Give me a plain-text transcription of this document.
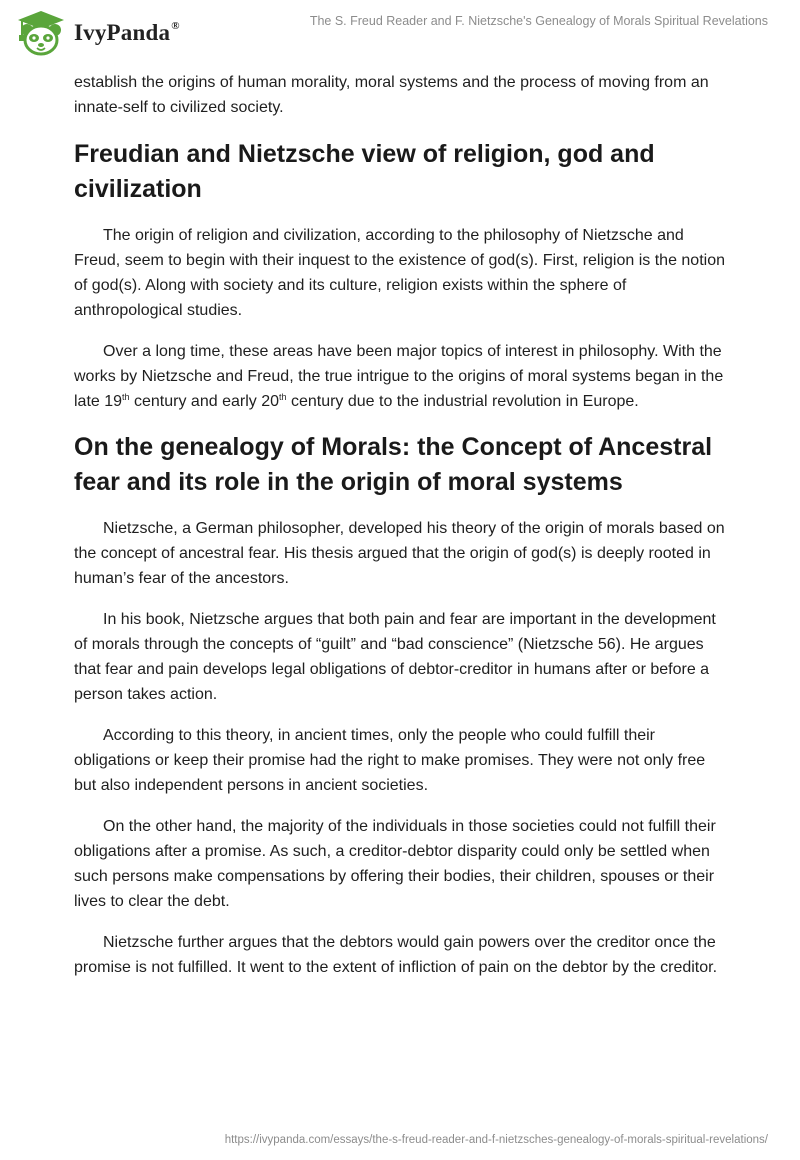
IvyPanda®	The S. Freud Reader and F. Nietzsche's Genealogy of Morals Spiritual Revelations

establish the origins of human morality, moral systems and the process of moving from an innate-self to civilized society.

Freudian and Nietzsche view of religion, god and civilization

The origin of religion and civilization, according to the philosophy of Nietzsche and Freud, seem to begin with their inquest to the existence of god(s). First, religion is the notion of god(s). Along with society and its culture, religion exists within the sphere of anthropological studies.

Over a long time, these areas have been major topics of interest in philosophy. With the works by Nietzsche and Freud, the true intrigue to the origins of moral systems began in the late 19th century and early 20th century due to the industrial revolution in Europe.

On the genealogy of Morals: the Concept of Ancestral fear and its role in the origin of moral systems

Nietzsche, a German philosopher, developed his theory of the origin of morals based on the concept of ancestral fear. His thesis argued that the origin of god(s) is deeply rooted in human’s fear of the ancestors.

In his book, Nietzsche argues that both pain and fear are important in the development of morals through the concepts of “guilt” and “bad conscience” (Nietzsche 56). He argues that fear and pain develops legal obligations of debtor-creditor in humans after or before a person takes action.

According to this theory, in ancient times, only the people who could fulfill their obligations or keep their promise had the right to make promises. They were not only free but also independent persons in ancient societies.

On the other hand, the majority of the individuals in those societies could not fulfill their obligations after a promise. As such, a creditor-debtor disparity could only be settled when such persons make compensations by offering their bodies, their children, spouses or their lives to clear the debt.

Nietzsche further argues that the debtors would gain powers over the creditor once the promise is not fulfilled. It went to the extent of infliction of pain on the debtor by the creditor.

https://ivypanda.com/essays/the-s-freud-reader-and-f-nietzsches-genealogy-of-morals-spiritual-revelations/
